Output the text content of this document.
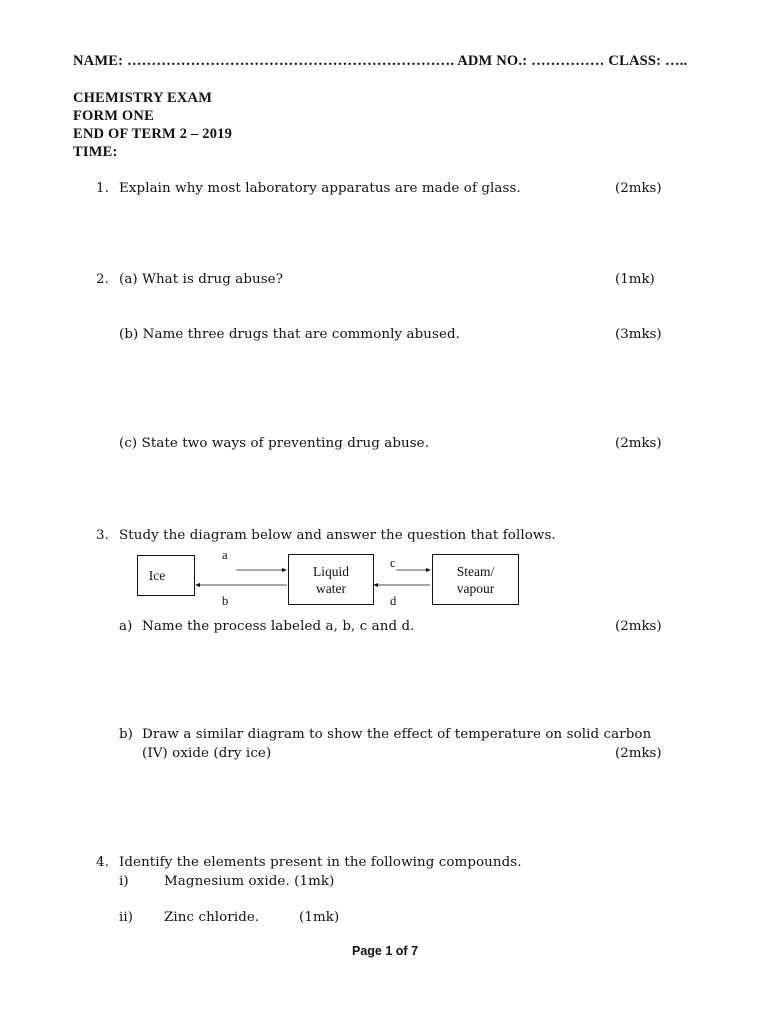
NAME: …………………………………………………………. ADM NO.: …………… CLASS: …..
CHEMISTRY EXAM
FORM ONE
END OF TERM 2 – 2019
TIME:
1. Explain why most laboratory apparatus are made of glass.	(2mks)
2. (a) What is drug abuse?	(1mk)
(b) Name three drugs that are commonly abused.	(3mks)
(c) State two ways of preventing drug abuse.	(2mks)
3. Study the diagram below and answer the question that follows.
Ice	Liquid
water
Steam/
vapour
a
b
c
d
a) Name the process labeled a, b, c and d.	(2mks)
b) Draw a similar diagram to show the effect of temperature on solid carbon
(IV) oxide (dry ice)	(2mks)
4. Identify the elements present in the following compounds.
i)	Magnesium oxide. (1mk)
ii) Zinc chloride.	(1mk)
Page 1 of 7
